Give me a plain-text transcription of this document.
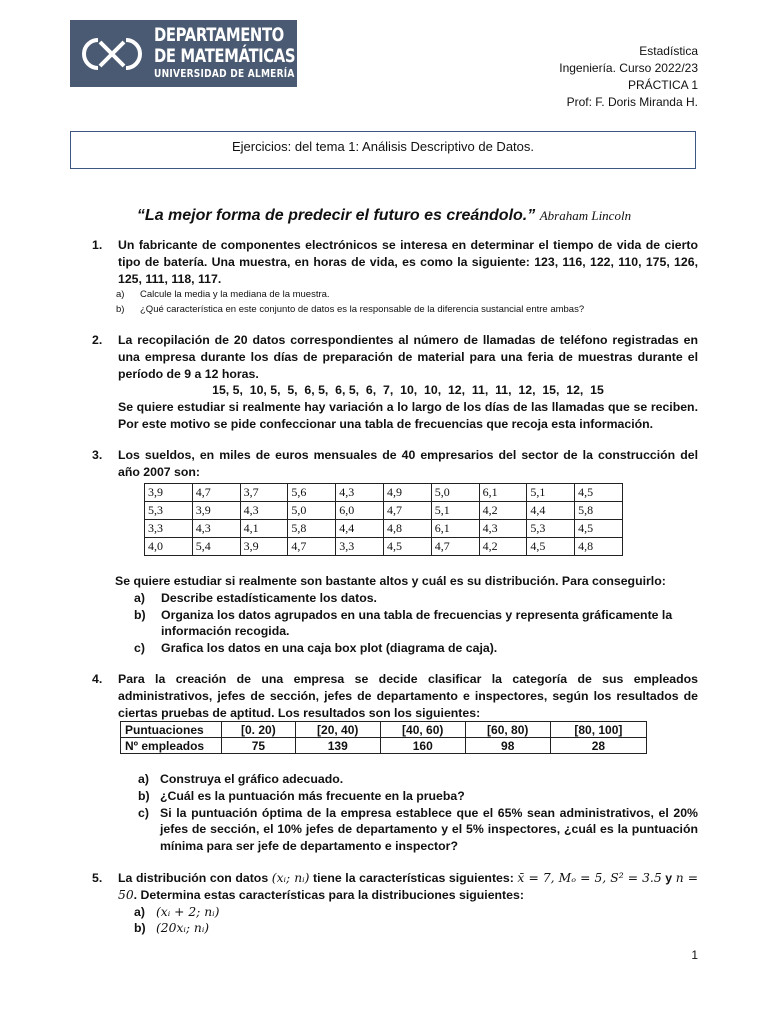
DEPARTAMENTO
DE MATEMÁTICAS
UNIVERSIDAD DE ALMERÍA
Estadística
Ingeniería. Curso 2022/23
PRÁCTICA 1
Prof: F. Doris Miranda H.
Ejercicios: del tema 1: Análisis Descriptivo de Datos.
“La mejor forma de predecir el futuro es creándolo.” Abraham Lincoln
1. Un fabricante de componentes electrónicos se interesa en determinar el tiempo de vida de cierto tipo de batería. Una muestra, en horas de vida, es como la siguiente: 123, 116, 122, 110, 175, 126, 125, 111, 118, 117.
a) Calcule la media y la mediana de la muestra.
b) ¿Qué característica en este conjunto de datos es la responsable de la diferencia sustancial entre ambas?
2. La recopilación de 20 datos correspondientes al número de llamadas de teléfono registradas en una empresa durante los días de preparación de material para una feria de muestras durante el período de 9 a 12 horas.
15, 5,  10, 5,  5,  6, 5,  6, 5,  6,  7,  10,  10,  12,  11,  11,  12,  15,  12,  15
Se quiere estudiar si realmente hay variación a lo largo de los días de las llamadas que se reciben. Por este motivo se pide confeccionar una tabla de frecuencias que recoja esta información.
3. Los sueldos, en miles de euros mensuales de 40 empresarios del sector de la construcción del año 2007 son:
3,9	4,7	3,7	5,6	4,3	4,9	5,0	6,1	5,1	4,5
5,3	3,9	4,3	5,0	6,0	4,7	5,1	4,2	4,4	5,8
3,3	4,3	4,1	5,8	4,4	4,8	6,1	4,3	5,3	4,5
4,0	5,4	3,9	4,7	3,3	4,5	4,7	4,2	4,5	4,8
Se quiere estudiar si realmente son bastante altos y cuál es su distribución. Para conseguirlo:
a) Describe estadísticamente los datos.
b) Organiza los datos agrupados en una tabla de frecuencias y representa gráficamente la información recogida.
c) Grafica los datos en una caja box plot (diagrama de caja).
4. Para la creación de una empresa se decide clasificar la categoría de sus empleados administrativos, jefes de sección, jefes de departamento e inspectores, según los resultados de ciertas pruebas de aptitud. Los resultados son los siguientes:
Puntuaciones	[0. 20)	[20, 40)	[40, 60)	[60, 80)	[80, 100]
Nº empleados	75	139	160	98	28
a) Construya el gráfico adecuado.
b) ¿Cuál es la puntuación más frecuente en la prueba?
c) Si la puntuación óptima de la empresa establece que el 65% sean administrativos, el 20% jefes de sección, el 10% jefes de departamento y el 5% inspectores, ¿cuál es la puntuación mínima para ser jefe de departamento e inspector?
5. La distribución con datos (xᵢ; nᵢ) tiene la características siguientes: x̄ = 7, Mₒ = 5, S² = 3.5 y n = 50. Determina estas características para la distribuciones siguientes:
a) (xᵢ + 2; nᵢ)
b) (20xᵢ; nᵢ)
1
